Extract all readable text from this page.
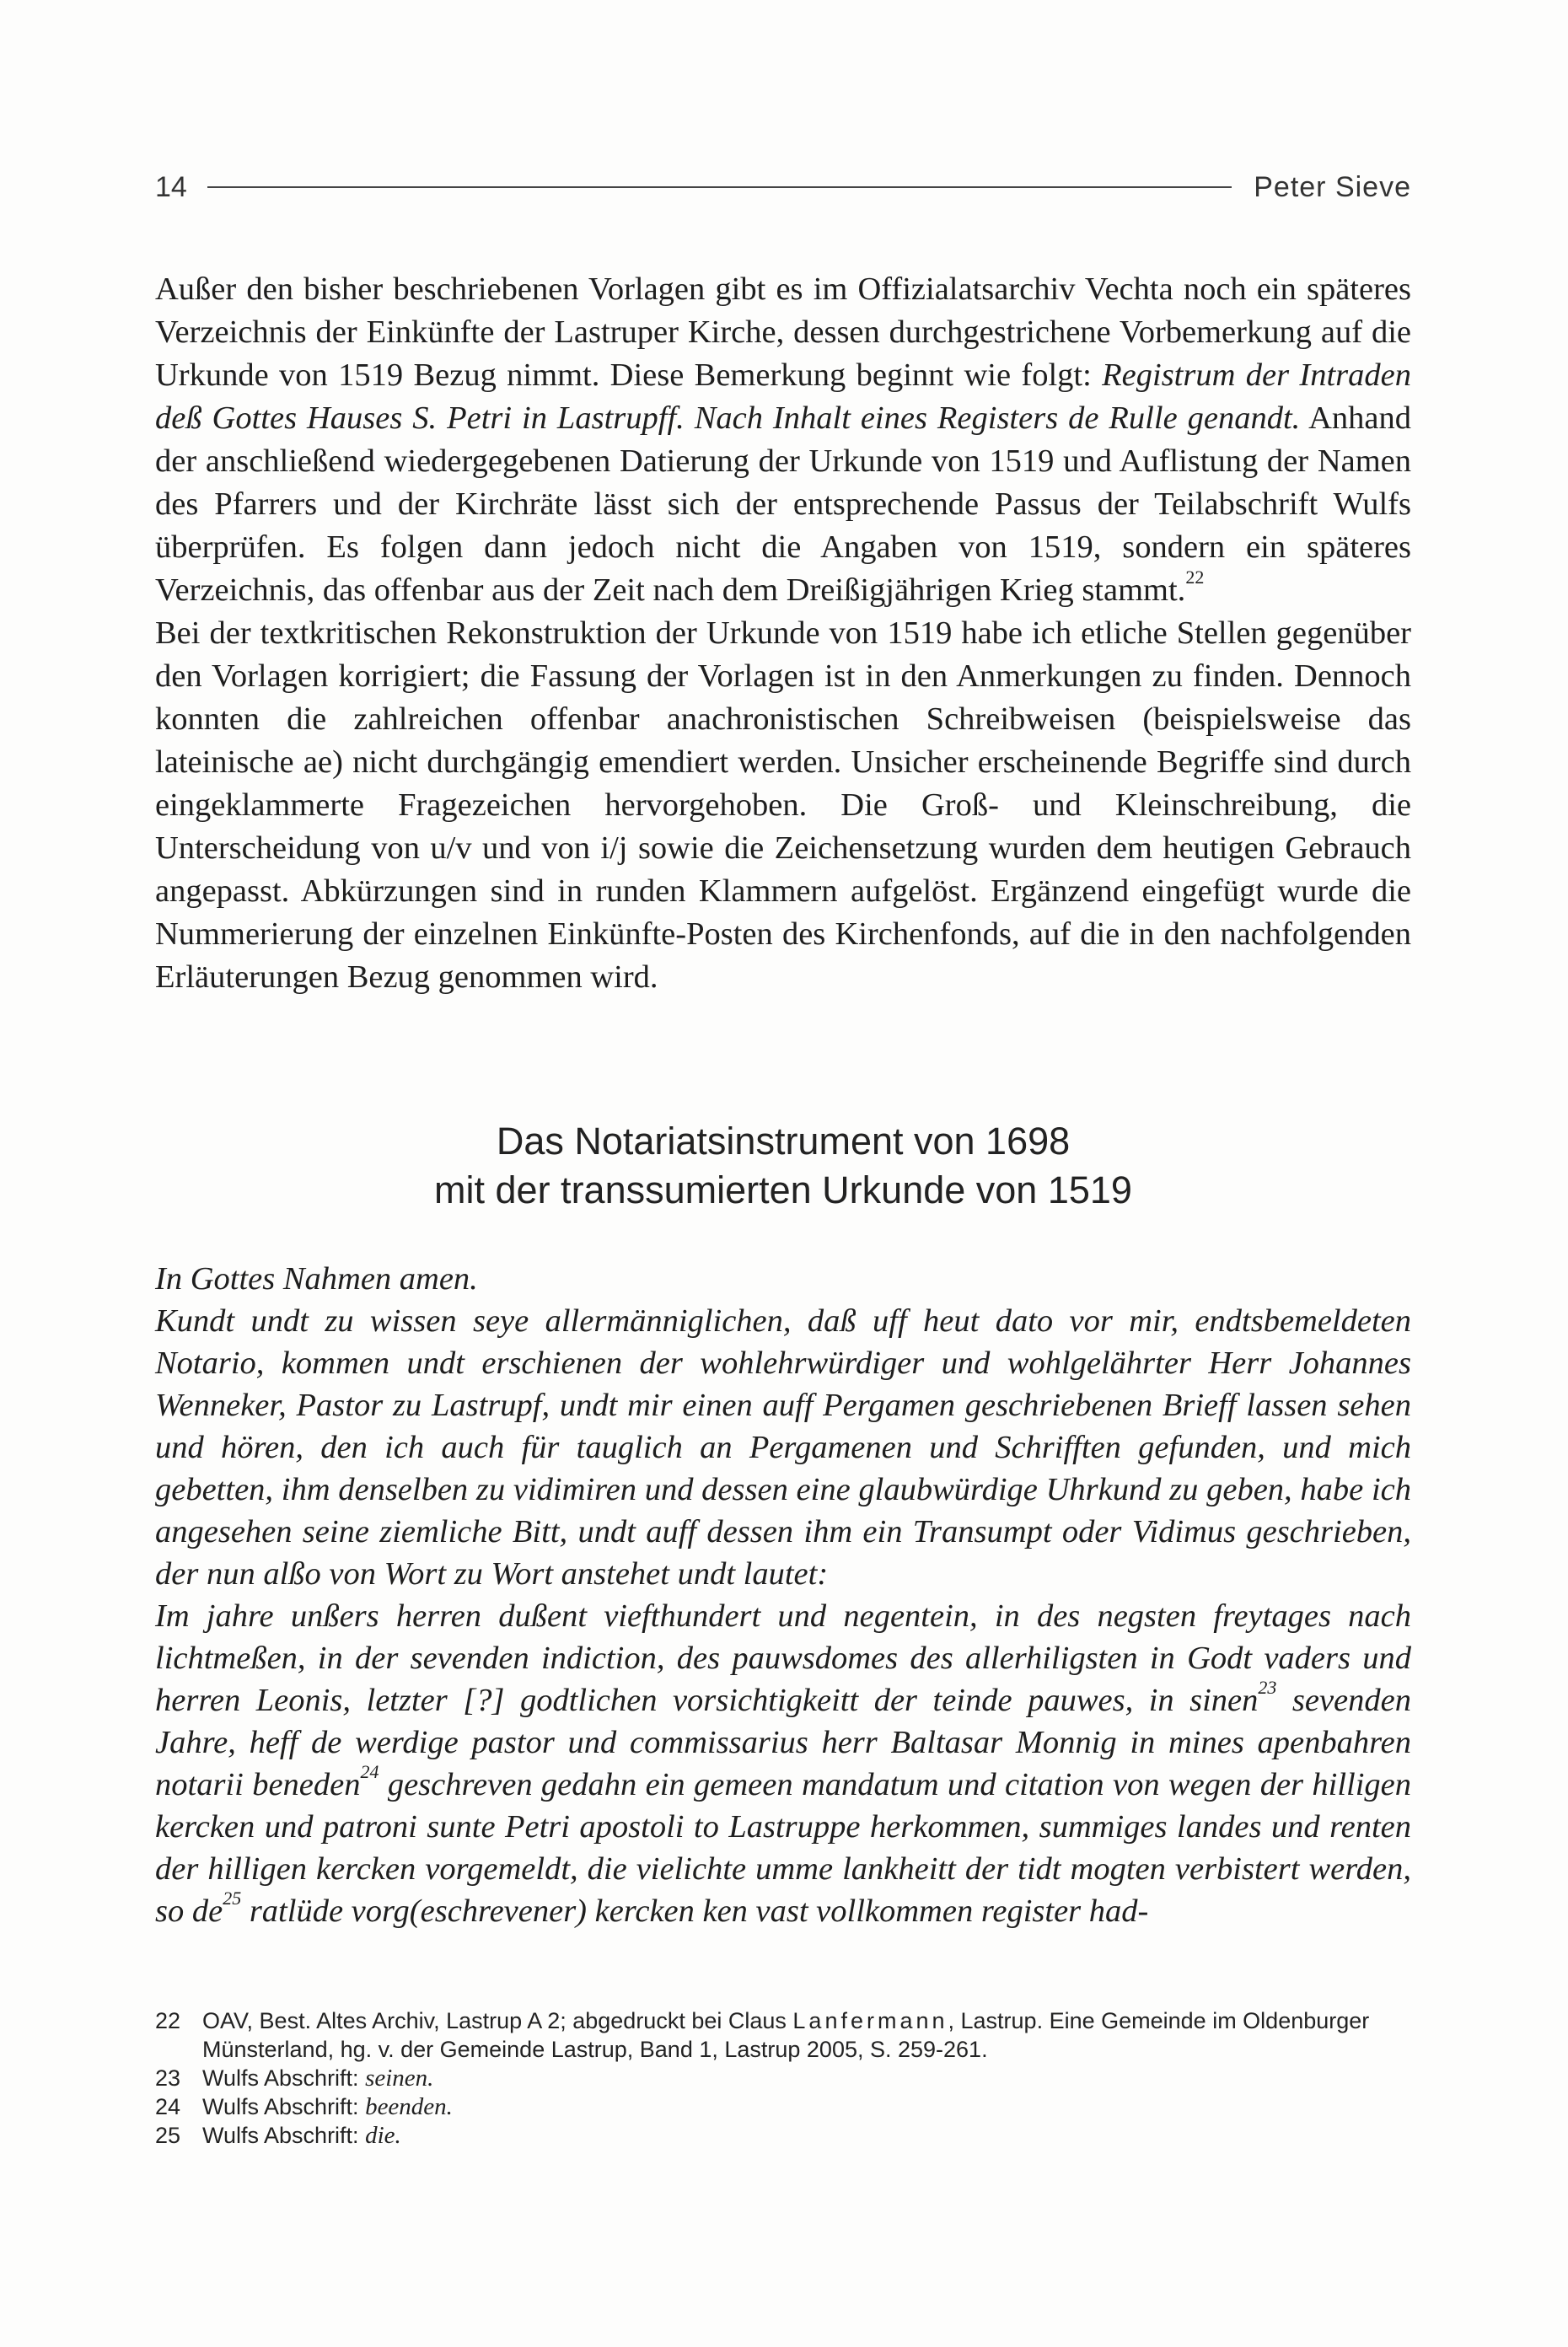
14	Peter Sieve

Außer den bisher beschriebenen Vorlagen gibt es im Offizialatsarchiv Vechta noch ein späteres Verzeichnis der Einkünfte der Lastruper Kirche, dessen durchgestrichene Vorbemerkung auf die Urkunde von 1519 Bezug nimmt. Diese Bemerkung beginnt wie folgt: Registrum der Intraden deß Gottes Hauses S. Petri in Lastrupff. Nach Inhalt eines Registers de Rulle genandt. Anhand der anschließend wiedergegebenen Datierung der Urkunde von 1519 und Auflistung der Namen des Pfarrers und der Kirchräte lässt sich der entsprechende Passus der Teilabschrift Wulfs überprüfen. Es folgen dann jedoch nicht die Angaben von 1519, sondern ein späteres Verzeichnis, das offenbar aus der Zeit nach dem Dreißigjährigen Krieg stammt.$^{22}$

Bei der textkritischen Rekonstruktion der Urkunde von 1519 habe ich etliche Stellen gegenüber den Vorlagen korrigiert; die Fassung der Vorlagen ist in den Anmerkungen zu finden. Dennoch konnten die zahlreichen offenbar anachronistischen Schreibweisen (beispielsweise das lateinische ae) nicht durchgängig emendiert werden. Unsicher erscheinende Begriffe sind durch eingeklammerte Fragezeichen hervorgehoben. Die Groß- und Kleinschreibung, die Unterscheidung von u/v und von i/j sowie die Zeichensetzung wurden dem heutigen Gebrauch angepasst. Abkürzungen sind in runden Klammern aufgelöst. Ergänzend eingefügt wurde die Nummerierung der einzelnen Einkünfte-Posten des Kirchenfonds, auf die in den nachfolgenden Erläuterungen Bezug genommen wird.

Das Notariatsinstrument von 1698
mit der transsumierten Urkunde von 1519

In Gottes Nahmen amen.

Kundt undt zu wissen seye allermänniglichen, daß uff heut dato vor mir, endtsbemeldeten Notario, kommen undt erschienen der wohlehrwürdiger und wohlgelährter Herr Johannes Wenneker, Pastor zu Lastrupf, undt mir einen auff Pergamen geschriebenen Brieff lassen sehen und hören, den ich auch für tauglich an Pergamenen und Schrifften gefunden, und mich gebetten, ihm denselben zu vidimiren und dessen eine glaubwürdige Uhrkund zu geben, habe ich angesehen seine ziemliche Bitt, undt auff dessen ihm ein Transumpt oder Vidimus geschrieben, der nun alßo von Wort zu Wort anstehet undt lautet:

Im jahre unßers herren dußent viefthundert und negentein, in des negsten freytages nach lichtmeßen, in der sevenden indiction, des pauwsdomes des allerhiligsten in Godt vaders und herren Leonis, letzter [?] godtlichen vorsichtigkeitt der teinde pauwes, in sinen$^{23}$ sevenden Jahre, heff de werdige pastor und commissarius herr Baltasar Monnig in mines apenbahren notarii beneden$^{24}$ geschreven gedahn ein gemeen mandatum und citation von wegen der hilligen kercken und patroni sunte Petri apostoli to Lastruppe herkommen, summiges landes und renten der hilligen kercken vorgemeldt, die vielichte umme lankheitt der tidt mogten verbistert werden, so $de^{25}$ ratlüde vorg(eschrevener) kercken ken vast vollkommen register had-

22 OAV, Best. Altes Archiv, Lastrup A 2; abgedruckt bei Claus Lanfermann, Lastrup. Eine Gemeinde im Oldenburger Münsterland, hg. v. der Gemeinde Lastrup, Band 1, Lastrup 2005, S. 259-261.
23 Wulfs Abschrift: seinen.
24 Wulfs Abschrift: beenden.
25 Wulfs Abschrift: die.
